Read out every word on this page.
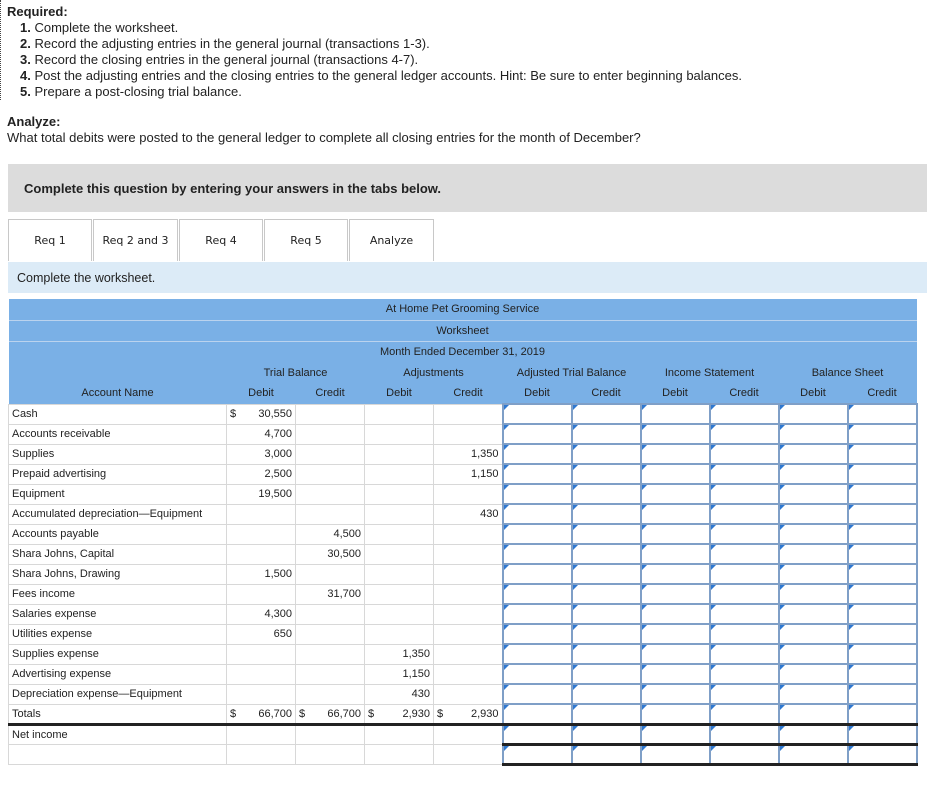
Required:
1. Complete the worksheet.
2. Record the adjusting entries in the general journal (transactions 1-3).
3. Record the closing entries in the general journal (transactions 4-7).
4. Post the adjusting entries and the closing entries to the general ledger accounts. Hint: Be sure to enter beginning balances.
5. Prepare a post-closing trial balance.
Analyze:
What total debits were posted to the general ledger to complete all closing entries for the month of December?
Complete this question by entering your answers in the tabs below.
Req 1	Req 2 and 3	Req 4	Req 5	Analyze
Complete the worksheet.
At Home Pet Grooming Service										
Worksheet										
Month Ended December 31, 2019										
	Trial Balance		Adjustments		Adjusted Trial Balance		Income Statement		Balance Sheet	
Account Name	Debit	Credit	Debit	Credit	Debit	Credit	Debit	Credit	Debit	Credit
Cash	$ 30,550									
Accounts receivable	4,700									
Supplies	3,000			1,350						
Prepaid advertising	2,500			1,150						
Equipment	19,500									
Accumulated depreciation—Equipment				430						
Accounts payable		4,500								
Shara Johns, Capital		30,500								
Shara Johns, Drawing	1,500									
Fees income		31,700								
Salaries expense	4,300									
Utilities expense	650									
Supplies expense			1,350							
Advertising expense			1,150							
Depreciation expense—Equipment			430							
Totals	$ 66,700	$ 66,700	$ 2,930	$ 2,930						
Net income										
